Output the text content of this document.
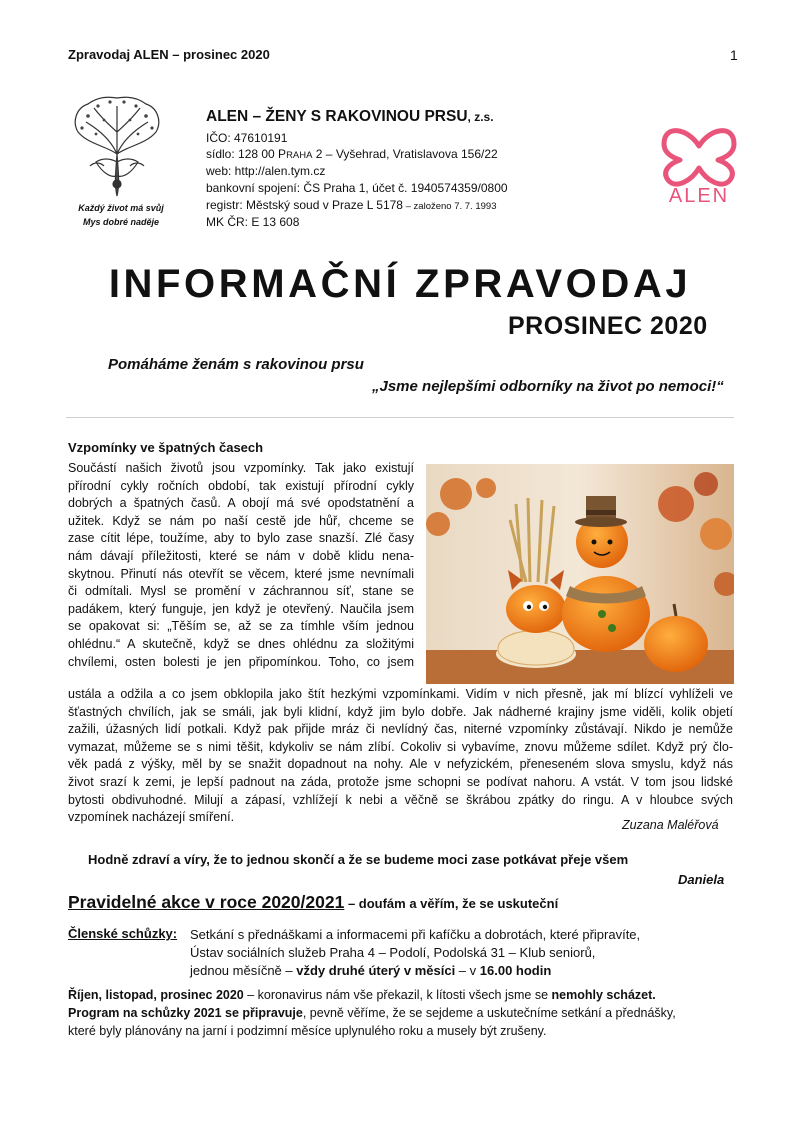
Zpravodaj ALEN – prosinec 2020	1
Každý život má svůj
Mys dobré naděje
ALEN – ŽENY S RAKOVINOU PRSU, z.s.
IČO: 47610191
sídlo: 128 00 PRAHA 2 – Vyšehrad, Vratislavova 156/22
web: http://alen.tym.cz
bankovní spojení: ČS Praha 1, účet č. 1940574359/0800
registr: Městský soud v Praze L 5178 – založeno 7. 7. 1993
MK ČR: E 13 608
ALEN
INFORMAČNÍ ZPRAVODAJ
PROSINEC 2020
Pomáháme ženám s rakovinou prsu
„Jsme nejlepšími odborníky na život po nemoci!“
Vzpomínky ve špatných časech
Součástí našich životů jsou vzpomínky. Tak jako existují
přírodní cykly ročních období, tak existují přírodní cykly
dobrých a špatných časů. A obojí má své opodstatnění a
užitek. Když se nám po naší cestě jde hůř, chceme se
zase cítit lépe, toužíme, aby to bylo zase snazší. Zlé časy
nám dávají příležitosti, které se nám v době klidu nena-
skytnou. Přinutí nás otevřít se věcem, které jsme nevnímali
či odmítali. Mysl se promění v záchrannou síť, stane se
padákem, který funguje, jen když je otevřený. Naučila jsem
se opakovat si: „Těším se, až se za tímhle vším jednou
ohlédnu.“ A skutečně, když se dnes ohlédnu za složitými
chvílemi, osten bolesti je jen připomínkou. Toho, co jsem
ustála a odžila a co jsem obklopila jako štít hezkými vzpomínkami. Vidím v nich přesně, jak mí blízcí vyhlíželi ve
šťastných chvílích, jak se smáli, jak byli klidní, když jim bylo dobře. Jak nádherné krajiny jsme viděli, kolik objetí
zažili, úžasných lidí potkali. Když pak přijde mráz či nevlídný čas, niterné vzpomínky zůstávají. Nikdo je nemůže
vymazat, můžeme se s nimi těšit, kdykoliv se nám zlíbí. Cokoliv si vybavíme, znovu můžeme sdílet. Když prý člo-
věk padá z výšky, měl by se snažit dopadnout na nohy. Ale v nefyzickém, přeneseném slova smyslu, když nás
život srazí k zemi, je lepší padnout na záda, protože jsme schopni se podívat nahoru. A vstát. V tom jsou lidské
bytosti obdivuhodné. Milují a zápasí, vzhlížejí k nebi a věčně se škrábou zpátky do ringu. A v hloubce svých
vzpomínek nacházejí smíření.
Zuzana Maléřová
Hodně zdraví a víry, že to jednou skončí a že se budeme moci zase potkávat přeje všem
Daniela
Pravidelné akce v roce 2020/2021 – doufám a věřím, že se uskuteční
Členské schůzky: Setkání s přednáškami a informacemi při kafíčku a dobrotách, které připravíte,
Ústav sociálních služeb Praha 4 – Podolí, Podolská 31 – Klub seniorů,
jednou měsíčně – vždy druhé úterý v měsíci – v 16.00 hodin
Říjen, listopad, prosinec 2020 – koronavirus nám vše překazil, k lítosti všech jsme se nemohly scházet.
Program na schůzky 2021 se připravuje, pevně věříme, že se sejdeme a uskutečníme setkání a přednášky,
které byly plánovány na jarní i podzimní měsíce uplynulého roku a musely být zrušeny.
